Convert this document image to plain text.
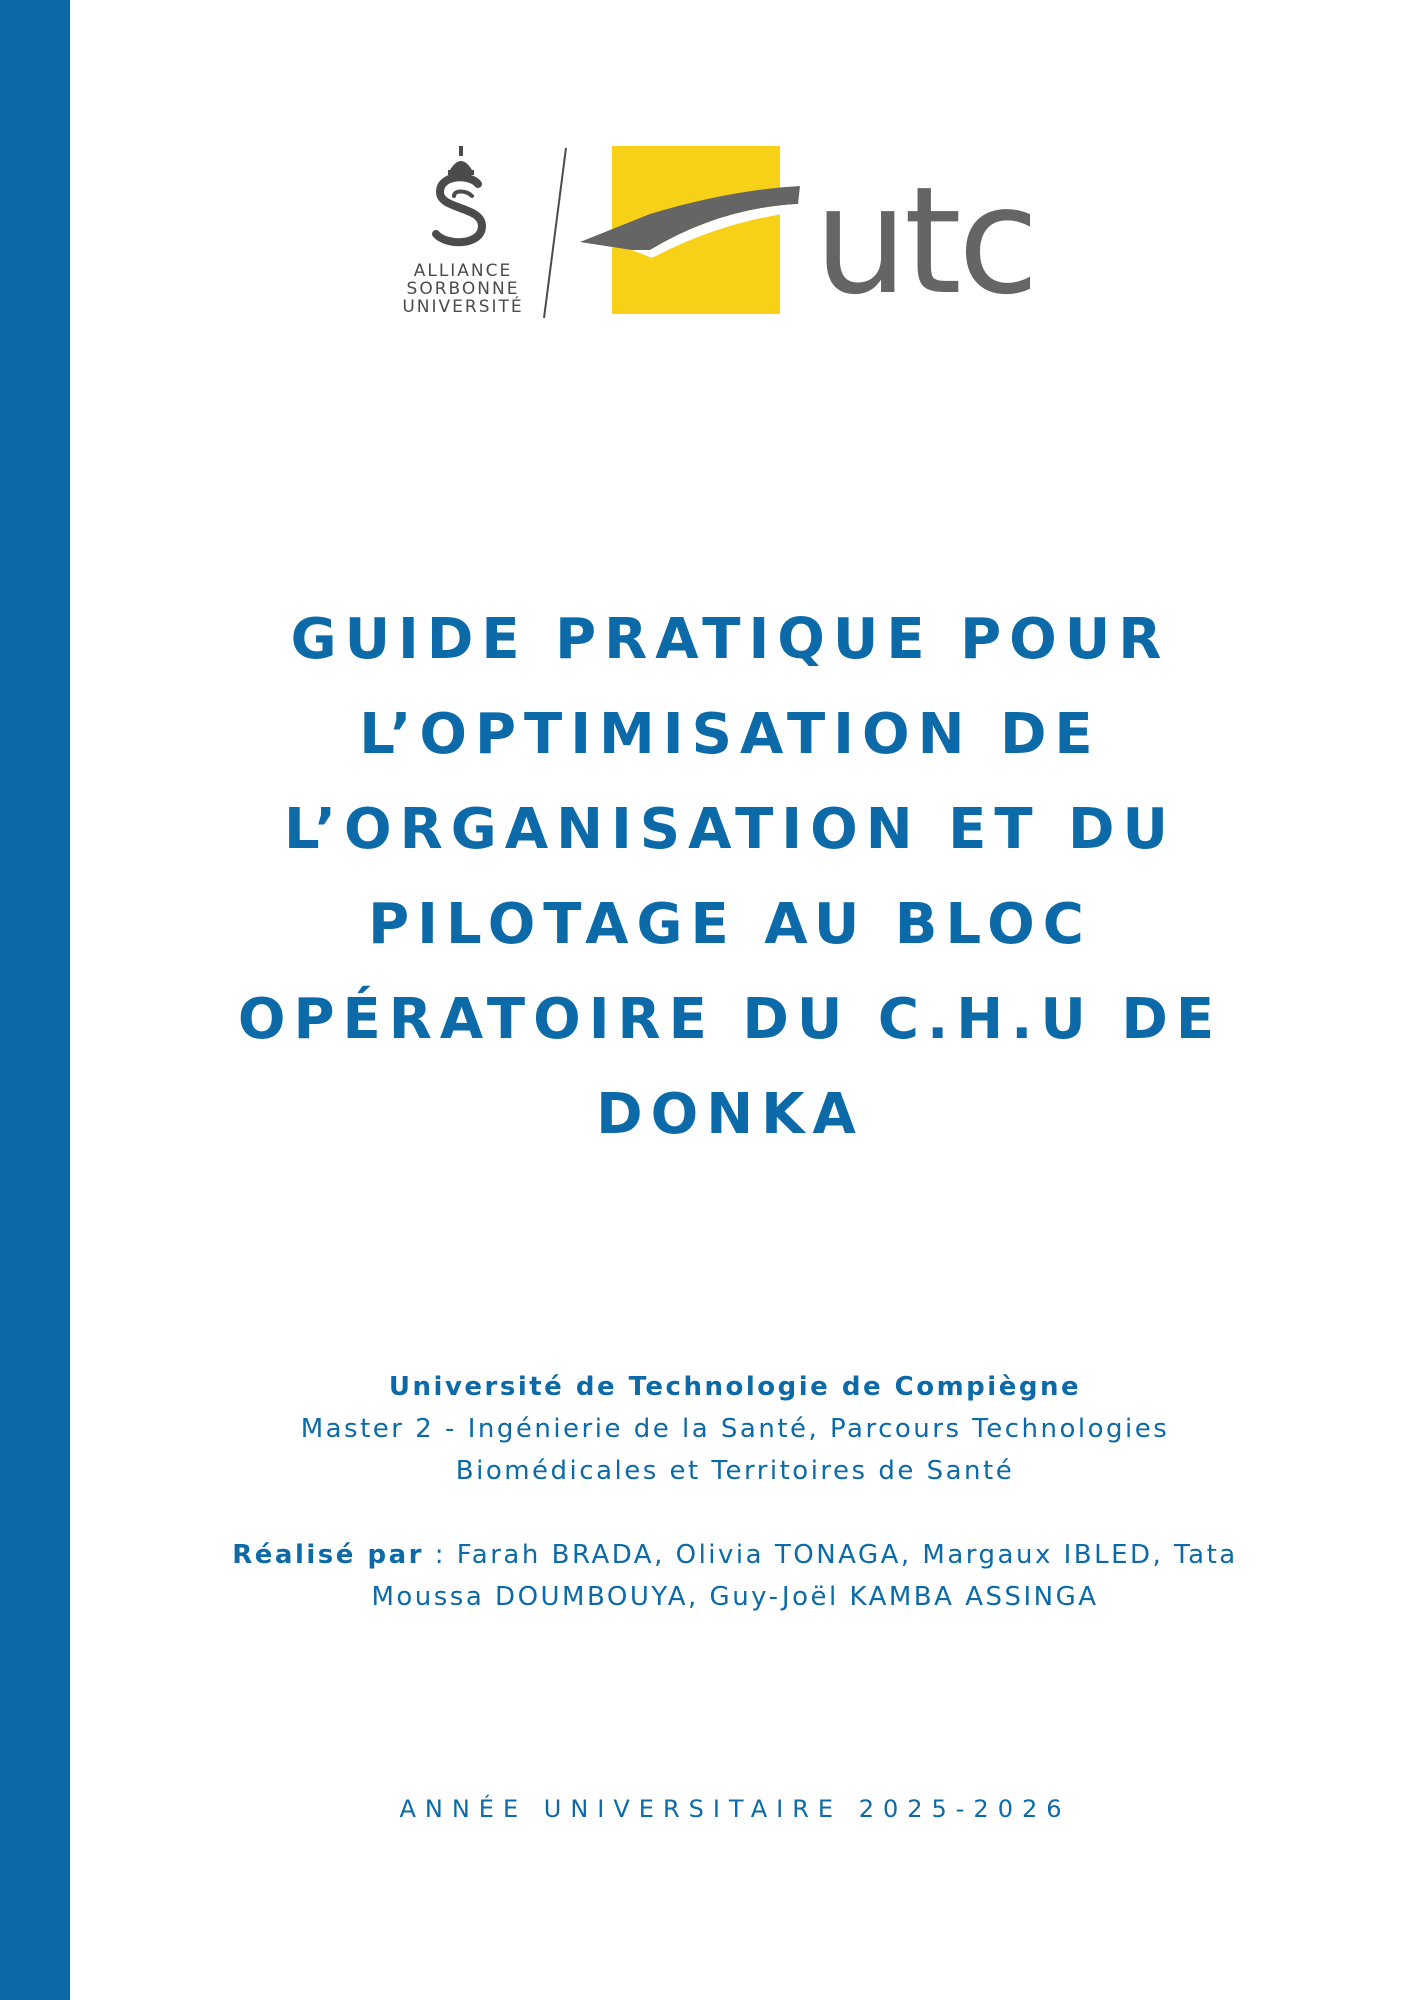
ALLIANCE
SORBONNE
UNIVERSITÉ utc
GUIDE PRATIQUE POUR
L’OPTIMISATION DE
L’ORGANISATION ET DU
PILOTAGE AU BLOC
OPÉRATOIRE DU C.H.U DE
DONKA
Université de Technologie de Compiègne
Master 2 - Ingénierie de la Santé, Parcours Technologies
Biomédicales et Territoires de Santé
Réalisé par : Farah BRADA, Olivia TONAGA, Margaux IBLED, Tata
Moussa DOUMBOUYA, Guy-Joël KAMBA ASSINGA
ANNÉE UNIVERSITAIRE 2025-2026
